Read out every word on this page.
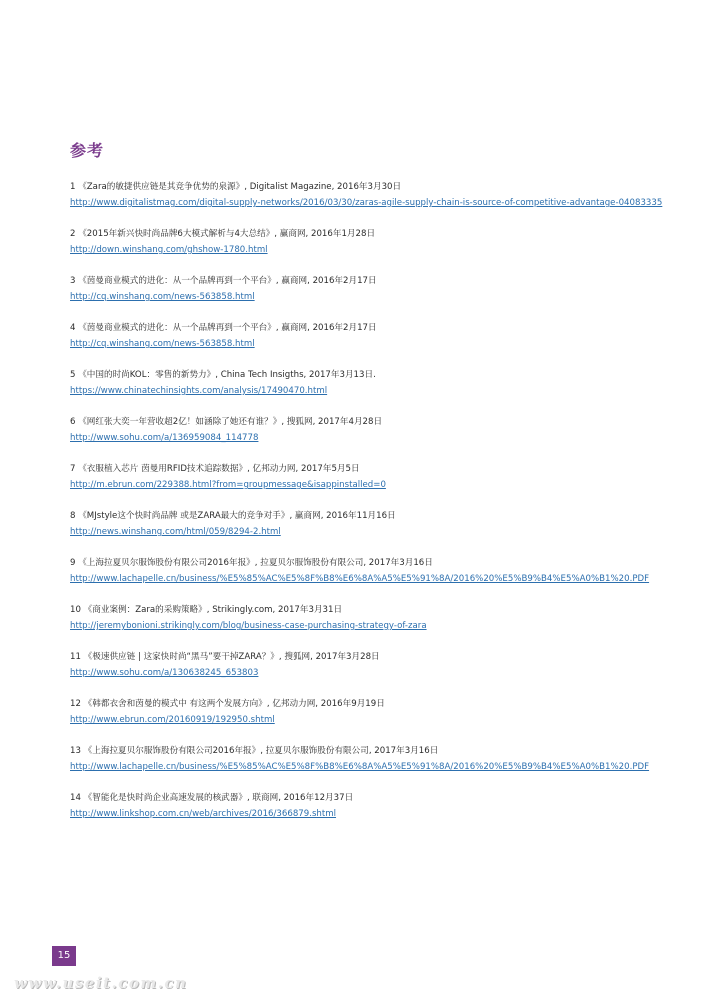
参考
1 《Zara的敏捷供应链是其竞争优势的泉源》, Digitalist Magazine, 2016年3月30日
http://www.digitalistmag.com/digital-supply-networks/2016/03/30/zaras-agile-supply-chain-is-source-of-competitive-advantage-04083335
2 《2015年新兴快时尚品牌6大模式解析与4大总结》, 赢商网, 2016年1月28日
http://down.winshang.com/ghshow-1780.html
3 《茵曼商业模式的进化：从一个品牌再到一个平台》, 赢商网, 2016年2月17日
http://cq.winshang.com/news-563858.html
4 《茵曼商业模式的进化：从一个品牌再到一个平台》, 赢商网, 2016年2月17日
http://cq.winshang.com/news-563858.html
5 《中国的时尚KOL：零售的新势力》, China Tech Insigths, 2017年3月13日.
https://www.chinatechinsights.com/analysis/17490470.html
6 《网红张大奕一年营收超2亿！如涵除了她还有谁？》, 搜狐网, 2017年4月28日
http://www.sohu.com/a/136959084_114778
7 《衣服植入芯片 茵曼用RFID技术追踪数据》, 亿邦动力网, 2017年5月5日
http://m.ebrun.com/229388.html?from=groupmessage&isappinstalled=0
8 《MJstyle这个快时尚品牌 或是ZARA最大的竞争对手》, 赢商网, 2016年11月16日
http://news.winshang.com/html/059/8294-2.html
9 《上海拉夏贝尔服饰股份有限公司2016年报》, 拉夏贝尔服饰股份有限公司, 2017年3月16日
http://www.lachapelle.cn/business/%E5%85%AC%E5%8F%B8%E6%8A%A5%E5%91%8A/2016%20%E5%B9%B4%E5%A0%B1%20.PDF
10 《商业案例：Zara的采购策略》, Strikingly.com, 2017年3月31日
http://jeremybonioni.strikingly.com/blog/business-case-purchasing-strategy-of-zara
11 《极速供应链 | 这家快时尚“黑马”要干掉ZARA？》, 搜狐网, 2017年3月28日
http://www.sohu.com/a/130638245_653803
12 《韩都衣舍和茵曼的模式中 有这两个发展方向》, 亿邦动力网, 2016年9月19日
http://www.ebrun.com/20160919/192950.shtml
13 《上海拉夏贝尔服饰股份有限公司2016年报》, 拉夏贝尔服饰股份有限公司, 2017年3月16日
http://www.lachapelle.cn/business/%E5%85%AC%E5%8F%B8%E6%8A%A5%E5%91%8A/2016%20%E5%B9%B4%E5%A0%B1%20.PDF
14 《智能化是快时尚企业高速发展的核武器》, 联商网, 2016年12月37日
http://www.linkshop.com.cn/web/archives/2016/366879.shtml
15
www.useit.com.cn
